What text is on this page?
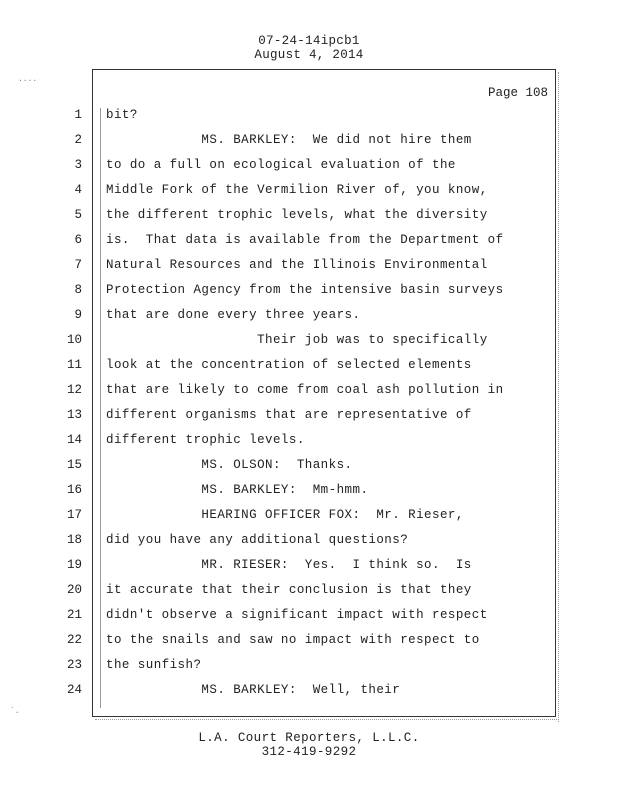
07-24-14ipcb1
August 4, 2014
Page 108
1 bit?
2 MS. BARKLEY:  We did not hire them
3 to do a full on ecological evaluation of the
4 Middle Fork of the Vermilion River of, you know,
5 the different trophic levels, what the diversity
6 is.  That data is available from the Department of
7 Natural Resources and the Illinois Environmental
8 Protection Agency from the intensive basin surveys
9 that are done every three years.
10 Their job was to specifically
11 look at the concentration of selected elements
12 that are likely to come from coal ash pollution in
13 different organisms that are representative of
14 different trophic levels.
15 MS. OLSON:  Thanks.
16 MS. BARKLEY:  Mm-hmm.
17 HEARING OFFICER FOX:  Mr. Rieser,
18 did you have any additional questions?
19 MR. RIESER:  Yes.  I think so.  Is
20 it accurate that their conclusion is that they
21 didn't observe a significant impact with respect
22 to the snails and saw no impact with respect to
23 the sunfish?
24 MS. BARKLEY:  Well, their
L.A. Court Reporters, L.L.C.
312-419-9292
....
`.
